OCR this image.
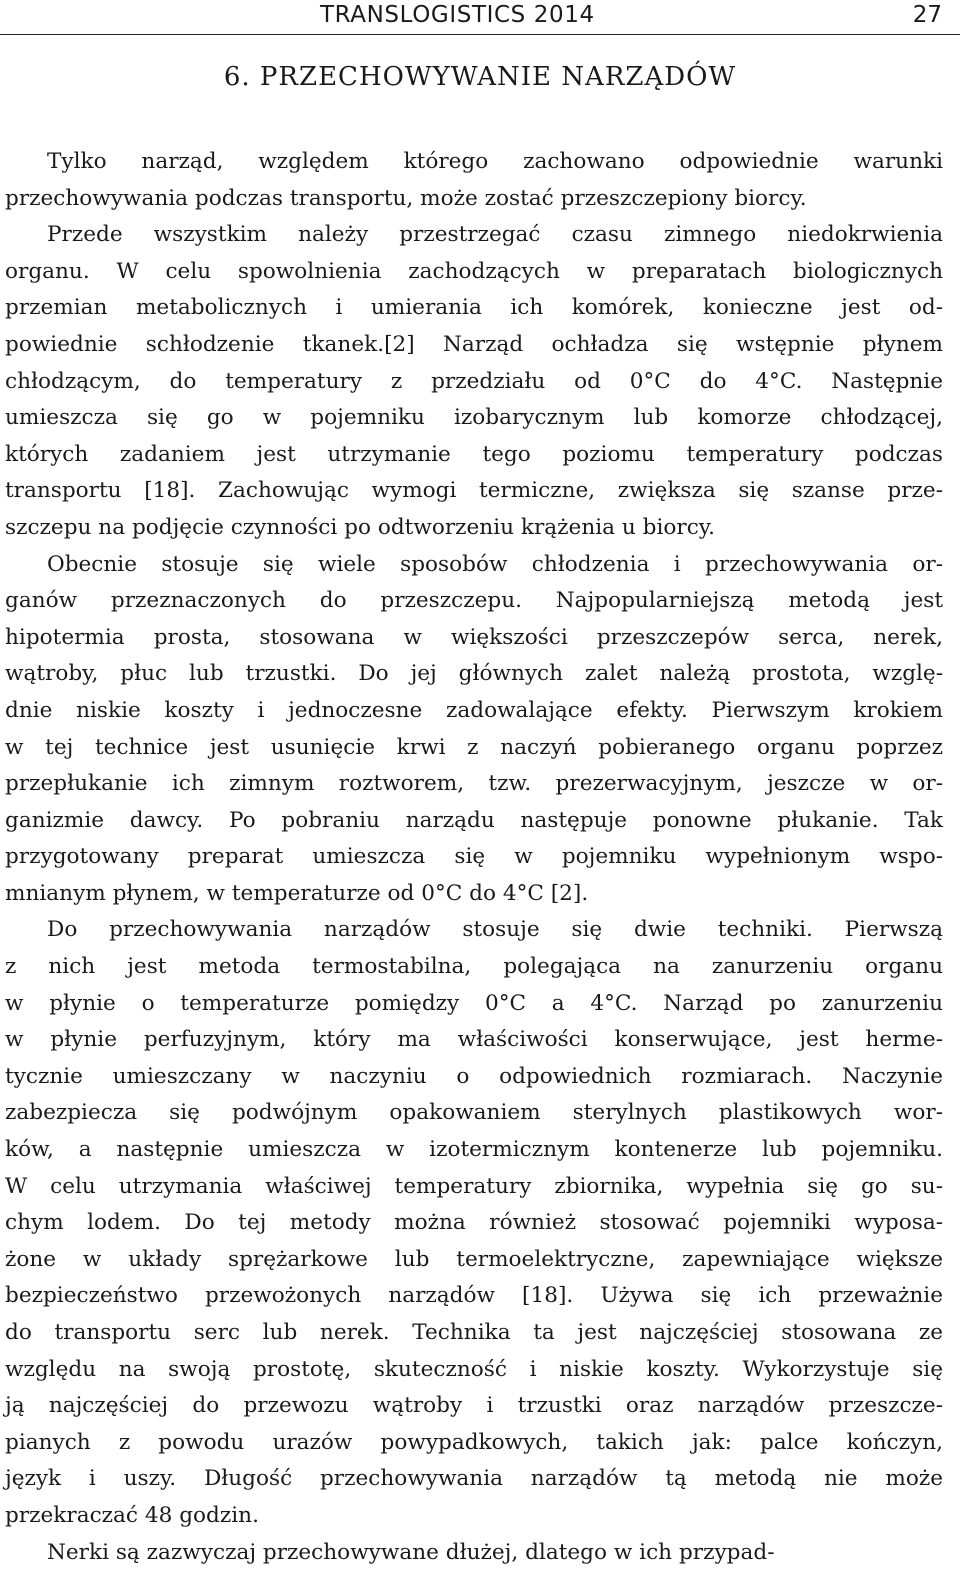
TRANSLOGISTICS 2014	27
6. PRZECHOWYWANIE NARZĄDÓW
Tylko narząd, względem którego zachowano odpowiednie warunki
przechowywania podczas transportu, może zostać przeszczepiony biorcy.
Przede wszystkim należy przestrzegać czasu zimnego niedokrwienia
organu. W celu spowolnienia zachodzących w preparatach biologicznych
przemian metabolicznych i umierania ich komórek, konieczne jest od-
powiednie schłodzenie tkanek.[2] Narząd ochładza się wstępnie płynem
chłodzącym, do temperatury z przedziału od 0°C do 4°C. Następnie
umieszcza się go w pojemniku izobarycznym lub komorze chłodzącej,
których zadaniem jest utrzymanie tego poziomu temperatury podczas
transportu [18]. Zachowując wymogi termiczne, zwiększa się szanse prze-
szczepu na podjęcie czynności po odtworzeniu krążenia u biorcy.
Obecnie stosuje się wiele sposobów chłodzenia i przechowywania or-
ganów przeznaczonych do przeszczepu. Najpopularniejszą metodą jest
hipotermia prosta, stosowana w większości przeszczepów serca, nerek,
wątroby, płuc lub trzustki. Do jej głównych zalet należą prostota, wzglę-
dnie niskie koszty i jednoczesne zadowalające efekty. Pierwszym krokiem
w tej technice jest usunięcie krwi z naczyń pobieranego organu poprzez
przepłukanie ich zimnym roztworem, tzw. prezerwacyjnym, jeszcze w or-
ganizmie dawcy. Po pobraniu narządu następuje ponowne płukanie. Tak
przygotowany preparat umieszcza się w pojemniku wypełnionym wspo-
mnianym płynem, w temperaturze od 0°C do 4°C [2].
Do przechowywania narządów stosuje się dwie techniki. Pierwszą
z nich jest metoda termostabilna, polegająca na zanurzeniu organu
w płynie o temperaturze pomiędzy 0°C a 4°C. Narząd po zanurzeniu
w płynie perfuzyjnym, który ma właściwości konserwujące, jest herme-
tycznie umieszczany w naczyniu o odpowiednich rozmiarach. Naczynie
zabezpiecza się podwójnym opakowaniem sterylnych plastikowych wor-
ków, a następnie umieszcza w izotermicznym kontenerze lub pojemniku.
W celu utrzymania właściwej temperatury zbiornika, wypełnia się go su-
chym lodem. Do tej metody można również stosować pojemniki wyposa-
żone w układy sprężarkowe lub termoelektryczne, zapewniające większe
bezpieczeństwo przewożonych narządów [18]. Używa się ich przeważnie
do transportu serc lub nerek. Technika ta jest najczęściej stosowana ze
względu na swoją prostotę, skuteczność i niskie koszty. Wykorzystuje się
ją najczęściej do przewozu wątroby i trzustki oraz narządów przeszcze-
pianych z powodu urazów powypadkowych, takich jak: palce kończyn,
język i uszy. Długość przechowywania narządów tą metodą nie może
przekraczać 48 godzin.
Nerki są zazwyczaj przechowywane dłużej, dlatego w ich przypad-
